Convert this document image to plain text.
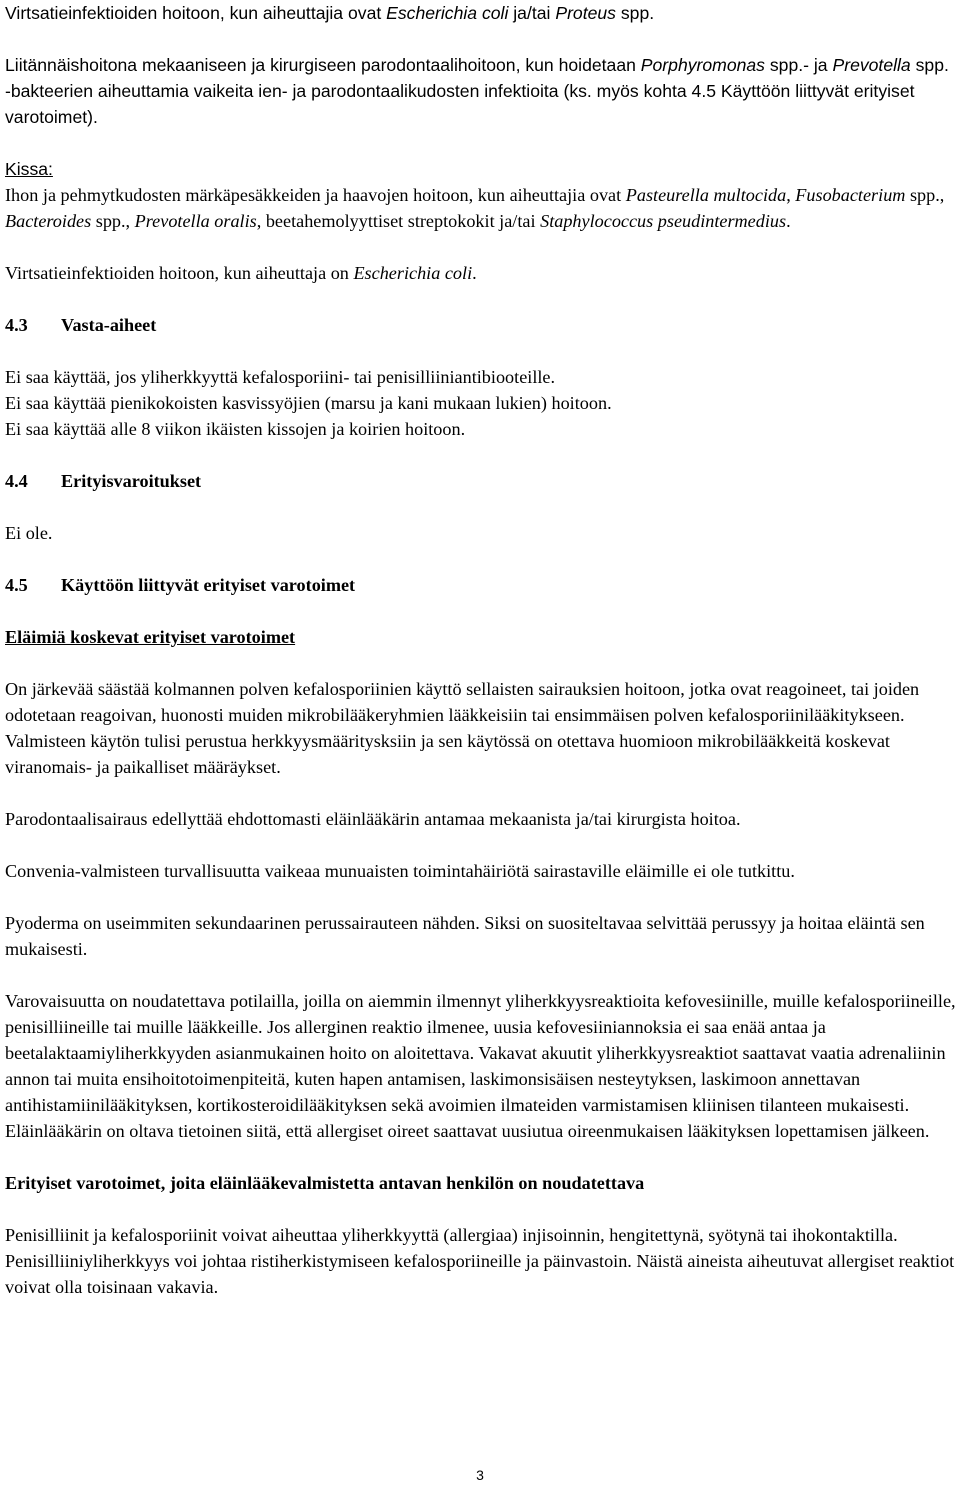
Virtsatieinfektioiden hoitoon, kun aiheuttajia ovat Escherichia coli ja/tai Proteus spp.

Liitännäishoitona mekaaniseen ja kirurgiseen parodontaalihoitoon, kun hoidetaan Porphyromonas spp.- ja Prevotella spp. -bakteerien aiheuttamia vaikeita ien- ja parodontaalikudosten infektioita (ks. myös kohta 4.5 Käyttöön liittyvät erityiset varotoimet).

Kissa:

Ihon ja pehmytkudosten märkäpesäkkeiden ja haavojen hoitoon, kun aiheuttajia ovat Pasteurella multocida, Fusobacterium spp., Bacteroides spp., Prevotella oralis, beetahemolyyttiset streptokokit ja/tai Staphylococcus pseudintermedius.

Virtsatieinfektioiden hoitoon, kun aiheuttaja on Escherichia coli.

4.3 Vasta-aiheet

Ei saa käyttää, jos yliherkkyyttä kefalosporiini- tai penisilliiniantibiooteille.

Ei saa käyttää pienikokoisten kasvissyöjien (marsu ja kani mukaan lukien) hoitoon.

Ei saa käyttää alle 8 viikon ikäisten kissojen ja koirien hoitoon.

4.4 Erityisvaroitukset

Ei ole.

4.5 Käyttöön liittyvät erityiset varotoimet

Eläimiä koskevat erityiset varotoimet

On järkevää säästää kolmannen polven kefalosporiinien käyttö sellaisten sairauksien hoitoon, jotka ovat reagoineet, tai joiden odotetaan reagoivan, huonosti muiden mikrobilääkeryhmien lääkkeisiin tai ensimmäisen polven kefalosporiinilääkitykseen. Valmisteen käytön tulisi perustua herkkyysmääritysksiin ja sen käytössä on otettava huomioon mikrobilääkkeitä koskevat viranomais- ja paikalliset määräykset.

Parodontaalisairaus edellyttää ehdottomasti eläinlääkärin antamaa mekaanista ja/tai kirurgista hoitoa.

Convenia-valmisteen turvallisuutta vaikeaa munuaisten toimintahäiriötä sairastaville eläimille ei ole tutkittu.

Pyoderma on useimmiten sekundaarinen perussairauteen nähden. Siksi on suositeltavaa selvittää perussyy ja hoitaa eläintä sen mukaisesti.

Varovaisuutta on noudatettava potilailla, joilla on aiemmin ilmennyt yliherkkyysreaktioita kefovesiinille, muille kefalosporiineille, penisilliineille tai muille lääkkeille. Jos allerginen reaktio ilmenee, uusia kefovesiiniannoksia ei saa enää antaa ja beetalaktaamiyliherkkyyden asianmukainen hoito on aloitettava. Vakavat akuutit yliherkkyysreaktiot saattavat vaatia adrenaliinin annon tai muita ensihoitotoimenpiteitä, kuten hapen antamisen, laskimonsisäisen nesteytyksen, laskimoon annettavan antihistamiinilääkityksen, kortikosteroidilääkityksen sekä avoimien ilmateiden varmistamisen kliinisen tilanteen mukaisesti. Eläinlääkärin on oltava tietoinen siitä, että allergiset oireet saattavat uusiutua oireenmukaisen lääkityksen lopettamisen jälkeen.

Erityiset varotoimet, joita eläinlääkevalmistetta antavan henkilön on noudatettava

Penisilliinit ja kefalosporiinit voivat aiheuttaa yliherkkyyttä (allergiaa) injisoinnin, hengitettynä, syötynä tai ihokontaktilla. Penisilliiniyliherkkyys voi johtaa ristiherkistymiseen kefalosporiineille ja päinvastoin. Näistä aineista aiheutuvat allergiset reaktiot voivat olla toisinaan vakavia.

3
